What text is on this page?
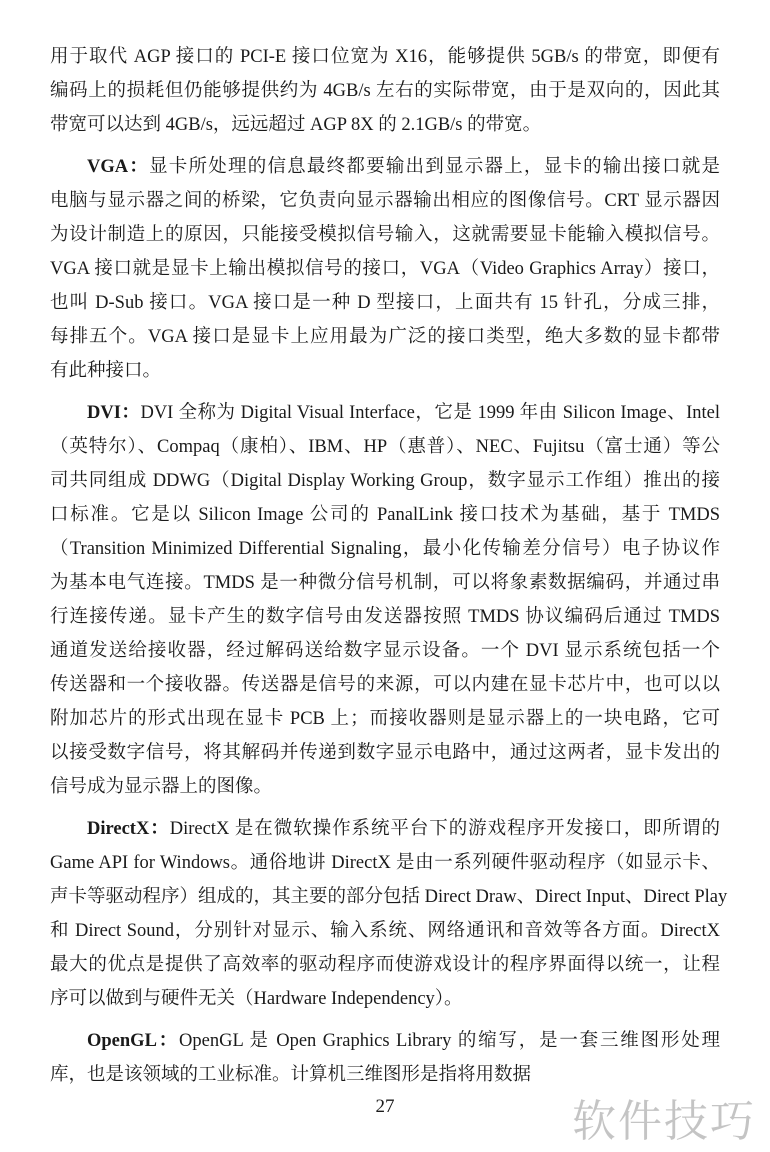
用于取代 AGP 接口的 PCI-E 接口位宽为 X16，能够提供 5GB/s 的带宽，即便有
编码上的损耗但仍能够提供约为 4GB/s 左右的实际带宽，由于是双向的，因此其
带宽可以达到 4GB/s，远远超过 AGP 8X 的 2.1GB/s 的带宽。
VGA：显卡所处理的信息最终都要输出到显示器上，显卡的输出接口就是
电脑与显示器之间的桥梁，它负责向显示器输出相应的图像信号。CRT 显示器因
为设计制造上的原因，只能接受模拟信号输入，这就需要显卡能输入模拟信号。
VGA 接口就是显卡上输出模拟信号的接口，VGA（Video Graphics Array）接口，
也叫 D-Sub 接口。VGA 接口是一种 D 型接口，上面共有 15 针孔，分成三排，
每排五个。VGA 接口是显卡上应用最为广泛的接口类型，绝大多数的显卡都带
有此种接口。
DVI：DVI 全称为 Digital Visual Interface，它是 1999 年由 Silicon Image、Intel
（英特尔）、Compaq（康柏）、IBM、HP（惠普）、NEC、Fujitsu（富士通）等公
司共同组成 DDWG（Digital Display Working Group，数字显示工作组）推出的接
口标准。它是以 Silicon Image 公司的 PanalLink 接口技术为基础，基于 TMDS
（Transition Minimized Differential Signaling，最小化传输差分信号）电子协议作
为基本电气连接。TMDS 是一种微分信号机制，可以将象素数据编码，并通过串
行连接传递。显卡产生的数字信号由发送器按照 TMDS 协议编码后通过 TMDS
通道发送给接收器，经过解码送给数字显示设备。一个 DVI 显示系统包括一个
传送器和一个接收器。传送器是信号的来源，可以内建在显卡芯片中，也可以以
附加芯片的形式出现在显卡 PCB 上；而接收器则是显示器上的一块电路，它可
以接受数字信号，将其解码并传递到数字显示电路中，通过这两者，显卡发出的
信号成为显示器上的图像。
DirectX：DirectX 是在微软操作系统平台下的游戏程序开发接口，即所谓的
Game API for Windows。通俗地讲 DirectX 是由一系列硬件驱动程序（如显示卡、
声卡等驱动程序）组成的，其主要的部分包括 Direct Draw、Direct Input、Direct Play
和 Direct Sound，分别针对显示、输入系统、网络通讯和音效等各方面。DirectX
最大的优点是提供了高效率的驱动程序而使游戏设计的程序界面得以统一，让程
序可以做到与硬件无关（Hardware Independency）。
OpenGL：OpenGL 是 Open Graphics Library 的缩写，是一套三维图形处理
库，也是该领域的工业标准。计算机三维图形是指将用数据
27	软件技巧
